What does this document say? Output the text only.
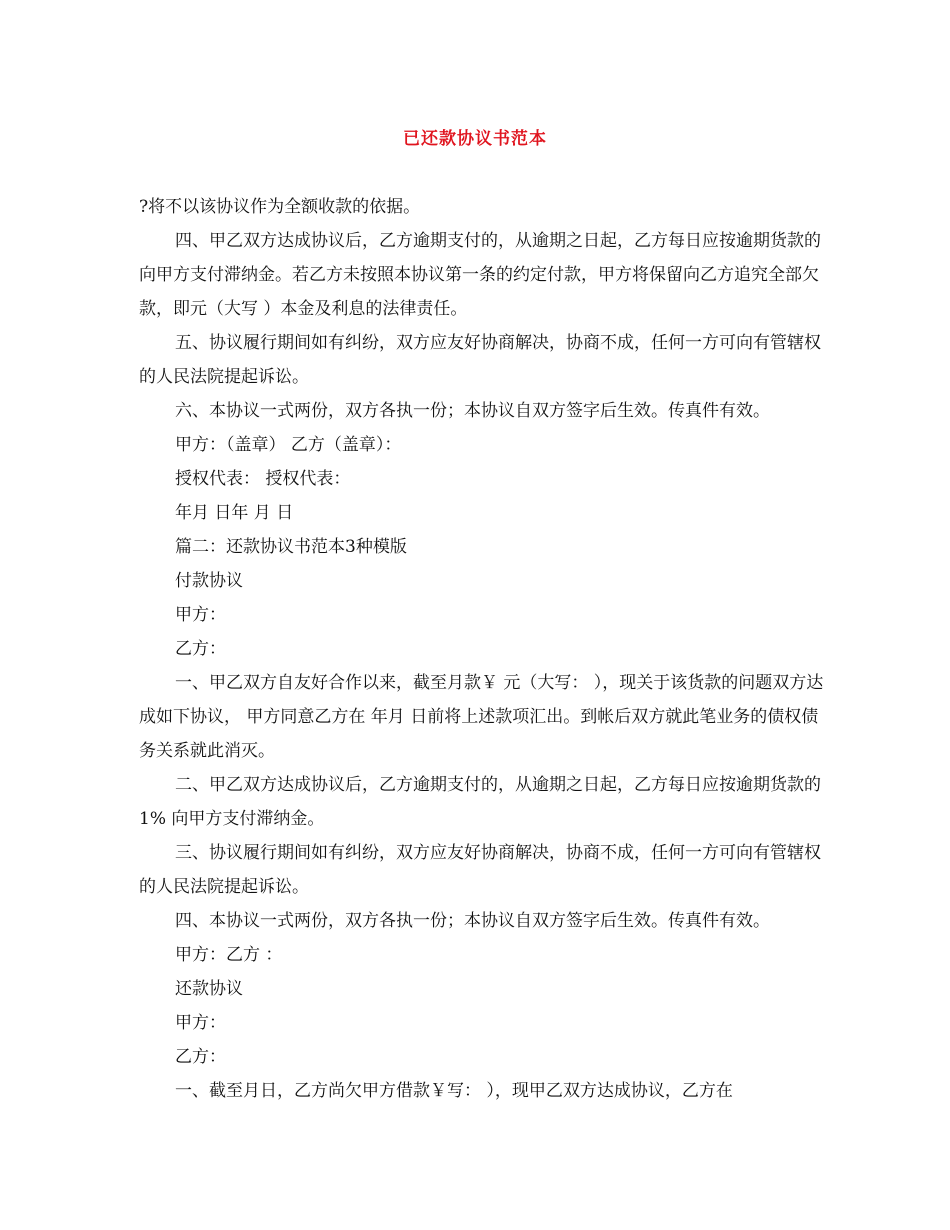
已还款协议书范本

?将不以该协议作为全额收款的依据。

四、甲乙双方达成协议后，乙方逾期支付的，从逾期之日起，乙方每日应按逾期货款的向甲方支付滞纳金。若乙方未按照本协议第一条的约定付款，甲方将保留向乙方追究全部欠款，即元（大写 ）本金及利息的法律责任。

五、协议履行期间如有纠纷，双方应友好协商解决，协商不成，任何一方可向有管辖权的人民法院提起诉讼。

六、本协议一式两份，双方各执一份；本协议自双方签字后生效。传真件有效。

甲方：（盖章） 乙方（盖章）：

授权代表： 授权代表：

年月 日年 月 日

篇二：还款协议书范本3种模版

付款协议

甲方：

乙方：

一、甲乙双方自友好合作以来，截至月款￥ 元（大写： ），现关于该货款的问题双方达成如下协议， 甲方同意乙方在 年月 日前将上述款项汇出。到帐后双方就此笔业务的债权债务关系就此消灭。

二、甲乙双方达成协议后，乙方逾期支付的，从逾期之日起，乙方每日应按逾期货款的 1% 向甲方支付滞纳金。

三、协议履行期间如有纠纷，双方应友好协商解决，协商不成，任何一方可向有管辖权的人民法院提起诉讼。

四、本协议一式两份，双方各执一份；本协议自双方签字后生效。传真件有效。

甲方：乙方 ：

还款协议

甲方：

乙方：

一、截至月日，乙方尚欠甲方借款￥写： ），现甲乙双方达成协议，乙方在
